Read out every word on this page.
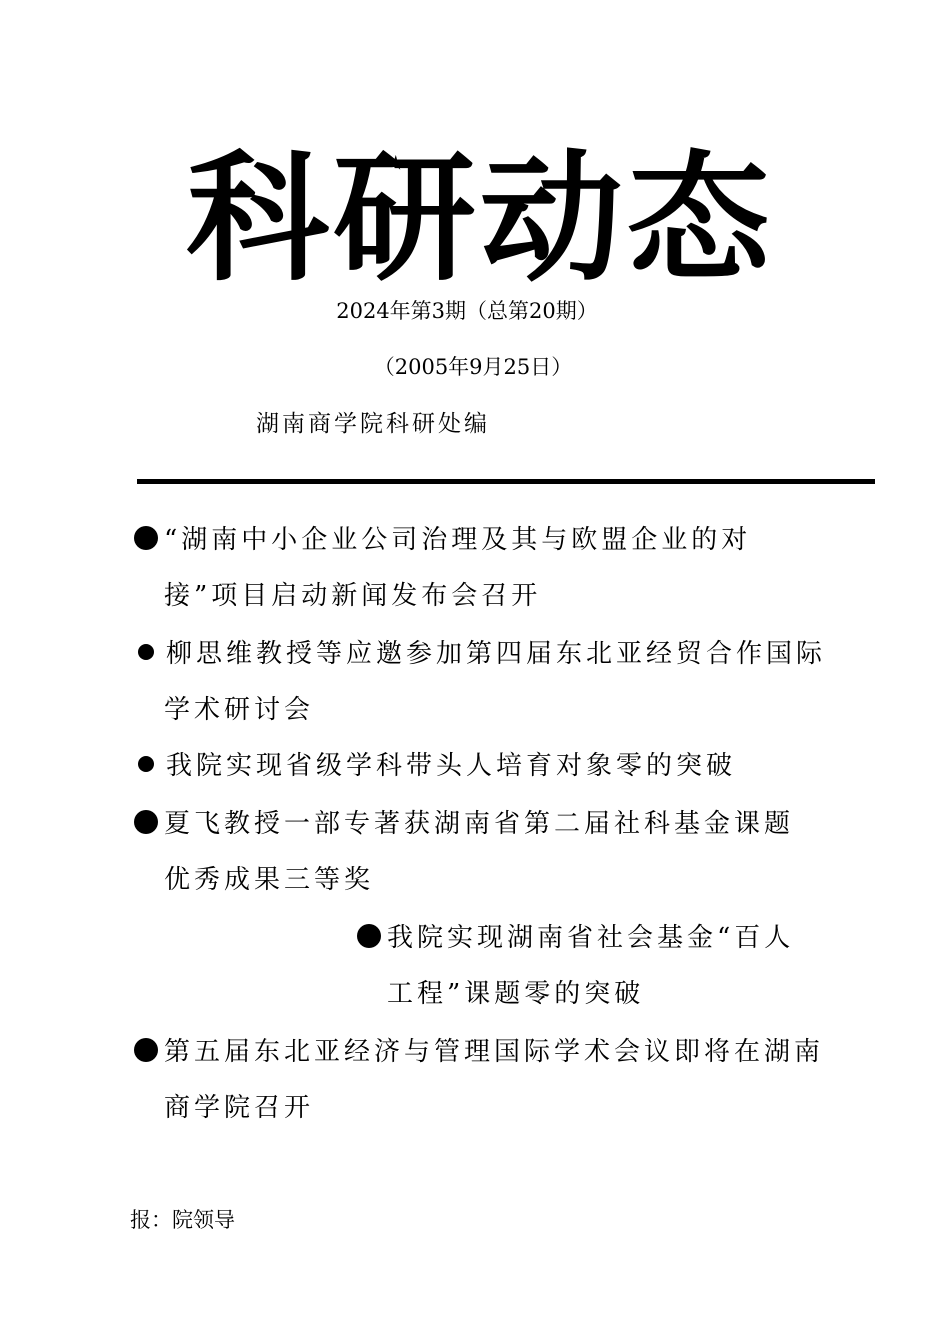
科研动态
2024年第3期（总第20期）
（2005年9月25日）
湖南商学院科研处编
“湖南中小企业公司治理及其与欧盟企业的对
接”项目启动新闻发布会召开
柳思维教授等应邀参加第四届东北亚经贸合作国际
学术研讨会
我院实现省级学科带头人培育对象零的突破
夏飞教授一部专著获湖南省第二届社科基金课题
优秀成果三等奖
我院实现湖南省社会基金“百人
工程”课题零的突破
第五届东北亚经济与管理国际学术会议即将在湖南
商学院召开
报：院领导
